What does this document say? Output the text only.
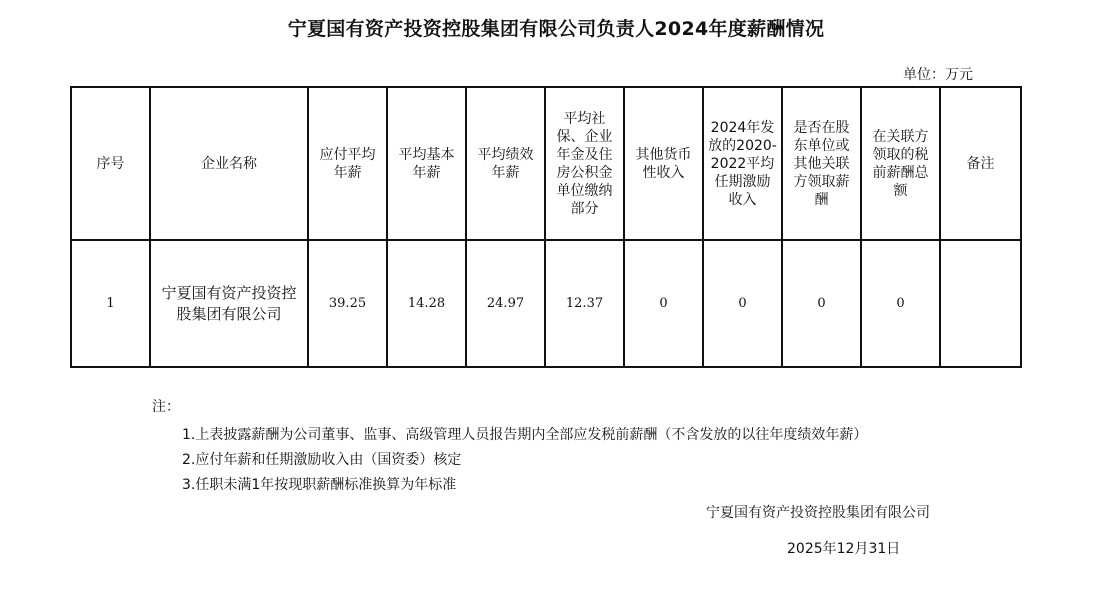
宁夏国有资产投资控股集团有限公司负责人2024年度薪酬情况
单位：万元
序号	企业名称	应付平均年薪	平均基本年薪	平均绩效年薪	平均社保、企业年金及住房公积金单位缴纳部分	其他货币性收入	2024年发放的2020-2022平均任期激励收入	是否在股东单位或其他关联方领取薪酬	在关联方领取的税前薪酬总额	备注
1	宁夏国有资产投资控股集团有限公司	39.25	14.28	24.97	12.37	0	0	0	0	
注：
1.上表披露薪酬为公司董事、监事、高级管理人员报告期内全部应发税前薪酬（不含发放的以往年度绩效年薪）
2.应付年薪和任期激励收入由（国资委）核定
3.任职未满1年按现职薪酬标准换算为年标准
宁夏国有资产投资控股集团有限公司
2025年12月31日
